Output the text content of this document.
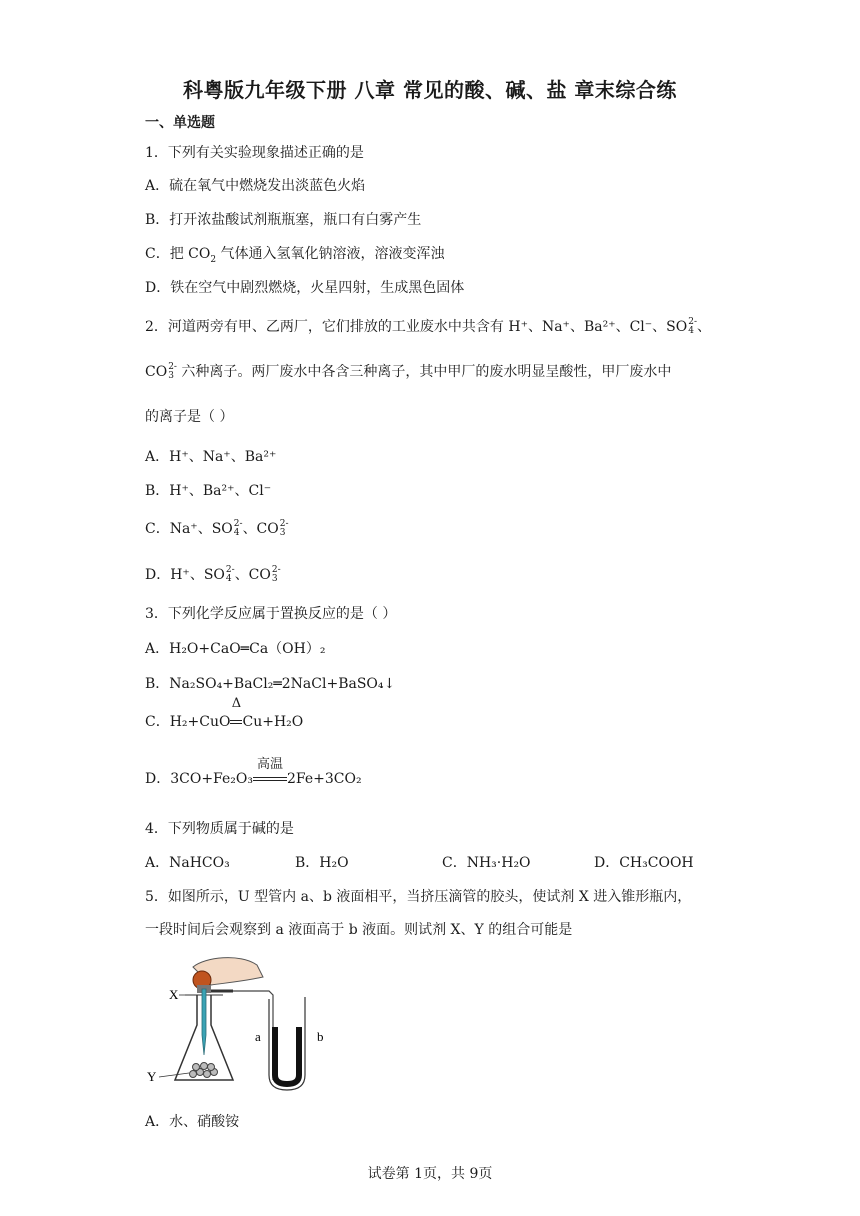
科粤版九年级下册 八章 常见的酸、碱、盐 章末综合练
一、单选题
1．下列有关实验现象描述正确的是
A．硫在氧气中燃烧发出淡蓝色火焰
B．打开浓盐酸试剂瓶瓶塞，瓶口有白雾产生
C．把 $CO_2$ 气体通入氢氧化钠溶液，溶液变浑浊
D．铁在空气中剧烈燃烧，火星四射，生成黑色固体
2．河道两旁有甲、乙两厂，它们排放的工业废水中共含有 H⁺、Na⁺、Ba²⁺、Cl⁻、SO 2-
4 、
CO 2-
3 六种离子。两厂废水中各含三种离子，其中甲厂的废水明显呈酸性，甲厂废水中
的离子是（ ）
A．H⁺、Na⁺、Ba²⁺
B．H⁺、Ba²⁺、Cl⁻
C．Na⁺、SO 2-
4 、CO 2-
3
D．H⁺、SO 2-
4 、CO 2-
3
3．下列化学反应属于置换反应的是（ ）
A．H₂O+CaO═Ca（OH）₂
B．Na₂SO₄+BaCl₂═2NaCl+BaSO₄↓
C．H₂+CuO
Δ
Cu+H₂O
D．3CO+Fe₂O₃
高温
2Fe+3CO₂
4．下列物质属于碱的是
A．NaHCO₃	B．H₂O	C．NH₃·H₂O	D．CH₃COOH
5．如图所示，U 型管内 a、b 液面相平，当挤压滴管的胶头，使试剂 X 进入锥形瓶内，
一段时间后会观察到 a 液面高于 b 液面。则试剂 X、Y 的组合可能是
X
Y
a	b
A．水、硝酸铵
试卷第 1页，共 9页
